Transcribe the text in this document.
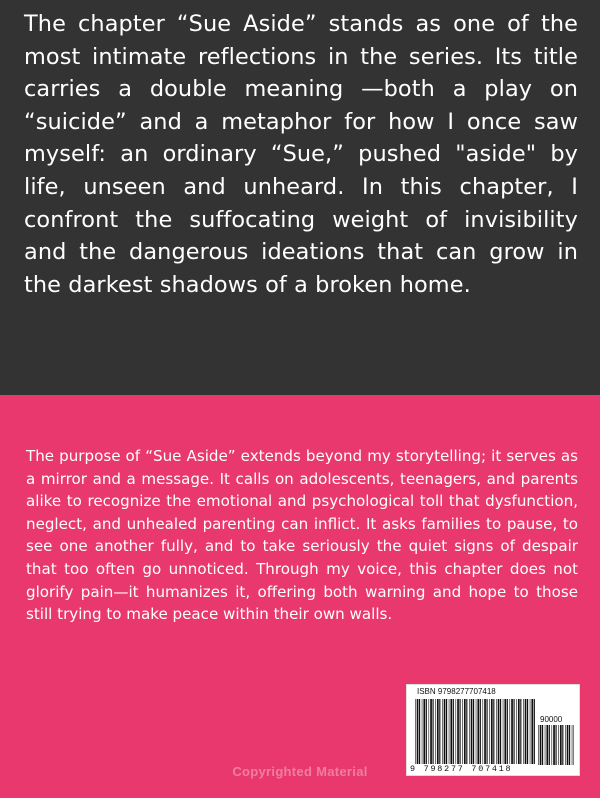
The chapter “Sue Aside” stands as one of the most intimate reflections in the series. Its title carries a double meaning —both a play on “suicide” and a metaphor for how I once saw myself: an ordinary “Sue,” pushed "aside" by life, unseen and unheard. In this chapter, I confront the suffocating weight of invisibility and the dangerous ideations that can grow in the darkest shadows of a broken home.

The purpose of “Sue Aside” extends beyond my storytelling; it serves as a mirror and a message. It calls on adolescents, teenagers, and parents alike to recognize the emotional and psychological toll that dysfunction, neglect, and unhealed parenting can inflict. It asks families to pause, to see one another fully, and to take seriously the quiet signs of despair that too often go unnoticed. Through my voice, this chapter does not glorify pain—it humanizes it, offering both warning and hope to those still trying to make peace within their own walls.

ISBN 9798277707418
90000
9 798277 707418
Copyrighted Material
